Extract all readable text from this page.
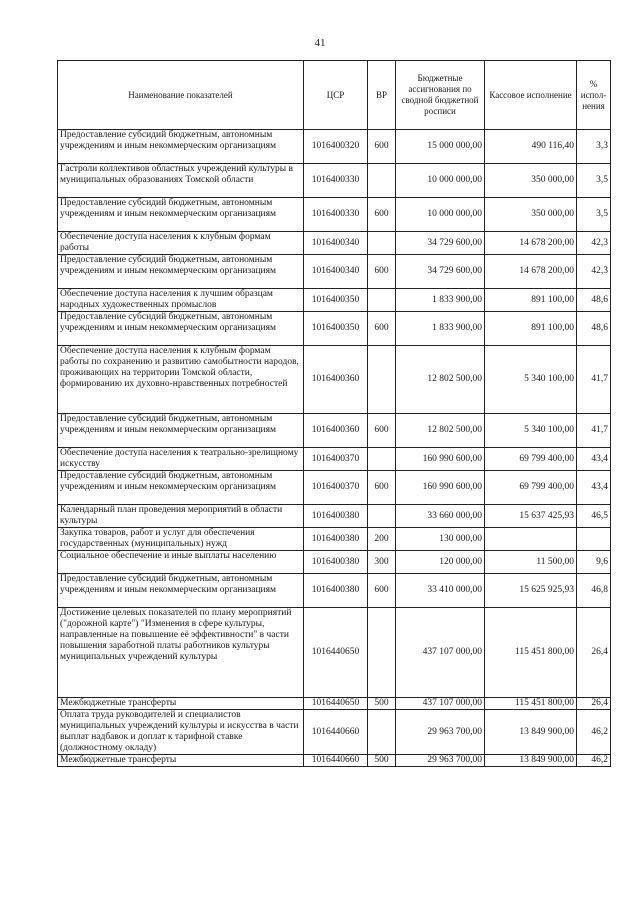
41
Наименование показателей	ЦСР	ВР	Бюджетные ассигнования по сводной бюджетной росписи	Кассовое исполнение	% испол-нения

Предоставление субсидий бюджетным, автономным учреждениям и иным некоммерческим организациям	1016400320	600	15 000 000,00	490 116,40	3,3
Гастроли коллективов областных учреждений культуры в муниципальных образованиях Томской области	1016400330		10 000 000,00	350 000,00	3,5
Предоставление субсидий бюджетным, автономным учреждениям и иным некоммерческим организациям	1016400330	600	10 000 000,00	350 000,00	3,5
Обеспечение доступа населения к клубным формам работы	1016400340		34 729 600,00	14 678 200,00	42,3
Предоставление субсидий бюджетным, автономным учреждениям и иным некоммерческим организациям	1016400340	600	34 729 600,00	14 678 200,00	42,3
Обеспечение доступа населения к лучшим образцам народных художественных промыслов	1016400350		1 833 900,00	891 100,00	48,6
Предоставление субсидий бюджетным, автономным учреждениям и иным некоммерческим организациям	1016400350	600	1 833 900,00	891 100,00	48,6
Обеспечение доступа населения к клубным формам работы по сохранению и развитию самобытности народов, проживающих на территории Томской области, формированию их духовно-нравственных потребностей	1016400360		12 802 500,00	5 340 100,00	41,7
Предоставление субсидий бюджетным, автономным учреждениям и иным некоммерческим организациям	1016400360	600	12 802 500,00	5 340 100,00	41,7
Обеспечение доступа населения к театрально-зрелищному искусству	1016400370		160 990 600,00	69 799 400,00	43,4
Предоставление субсидий бюджетным, автономным учреждениям и иным некоммерческим организациям	1016400370	600	160 990 600,00	69 799 400,00	43,4
Календарный план проведения мероприятий в области культуры	1016400380		33 660 000,00	15 637 425,93	46,5
Закупка товаров, работ и услуг для обеспечения государственных (муниципальных) нужд	1016400380	200	130 000,00		
Социальное обеспечение и иные выплаты населению	1016400380	300	120 000,00	11 500,00	9,6
Предоставление субсидий бюджетным, автономным учреждениям и иным некоммерческим организациям	1016400380	600	33 410 000,00	15 625 925,93	46,8
Достижение целевых показателей по плану мероприятий ("дорожной карте") "Изменения в сфере культуры, направленные на повышение её эффективности" в части повышения заработной платы работников культуры муниципальных учреждений культуры	1016440650		437 107 000,00	115 451 800,00	26,4
Межбюджетные трансферты	1016440650	500	437 107 000,00	115 451 800,00	26,4
Оплата труда руководителей и специалистов муниципальных учреждений культуры и искусства в части выплат надбавок и доплат к тарифной ставке (должностному окладу)	1016440660		29 963 700,00	13 849 900,00	46,2
Межбюджетные трансферты	1016440660	500	29 963 700,00	13 849 900,00	46,2
